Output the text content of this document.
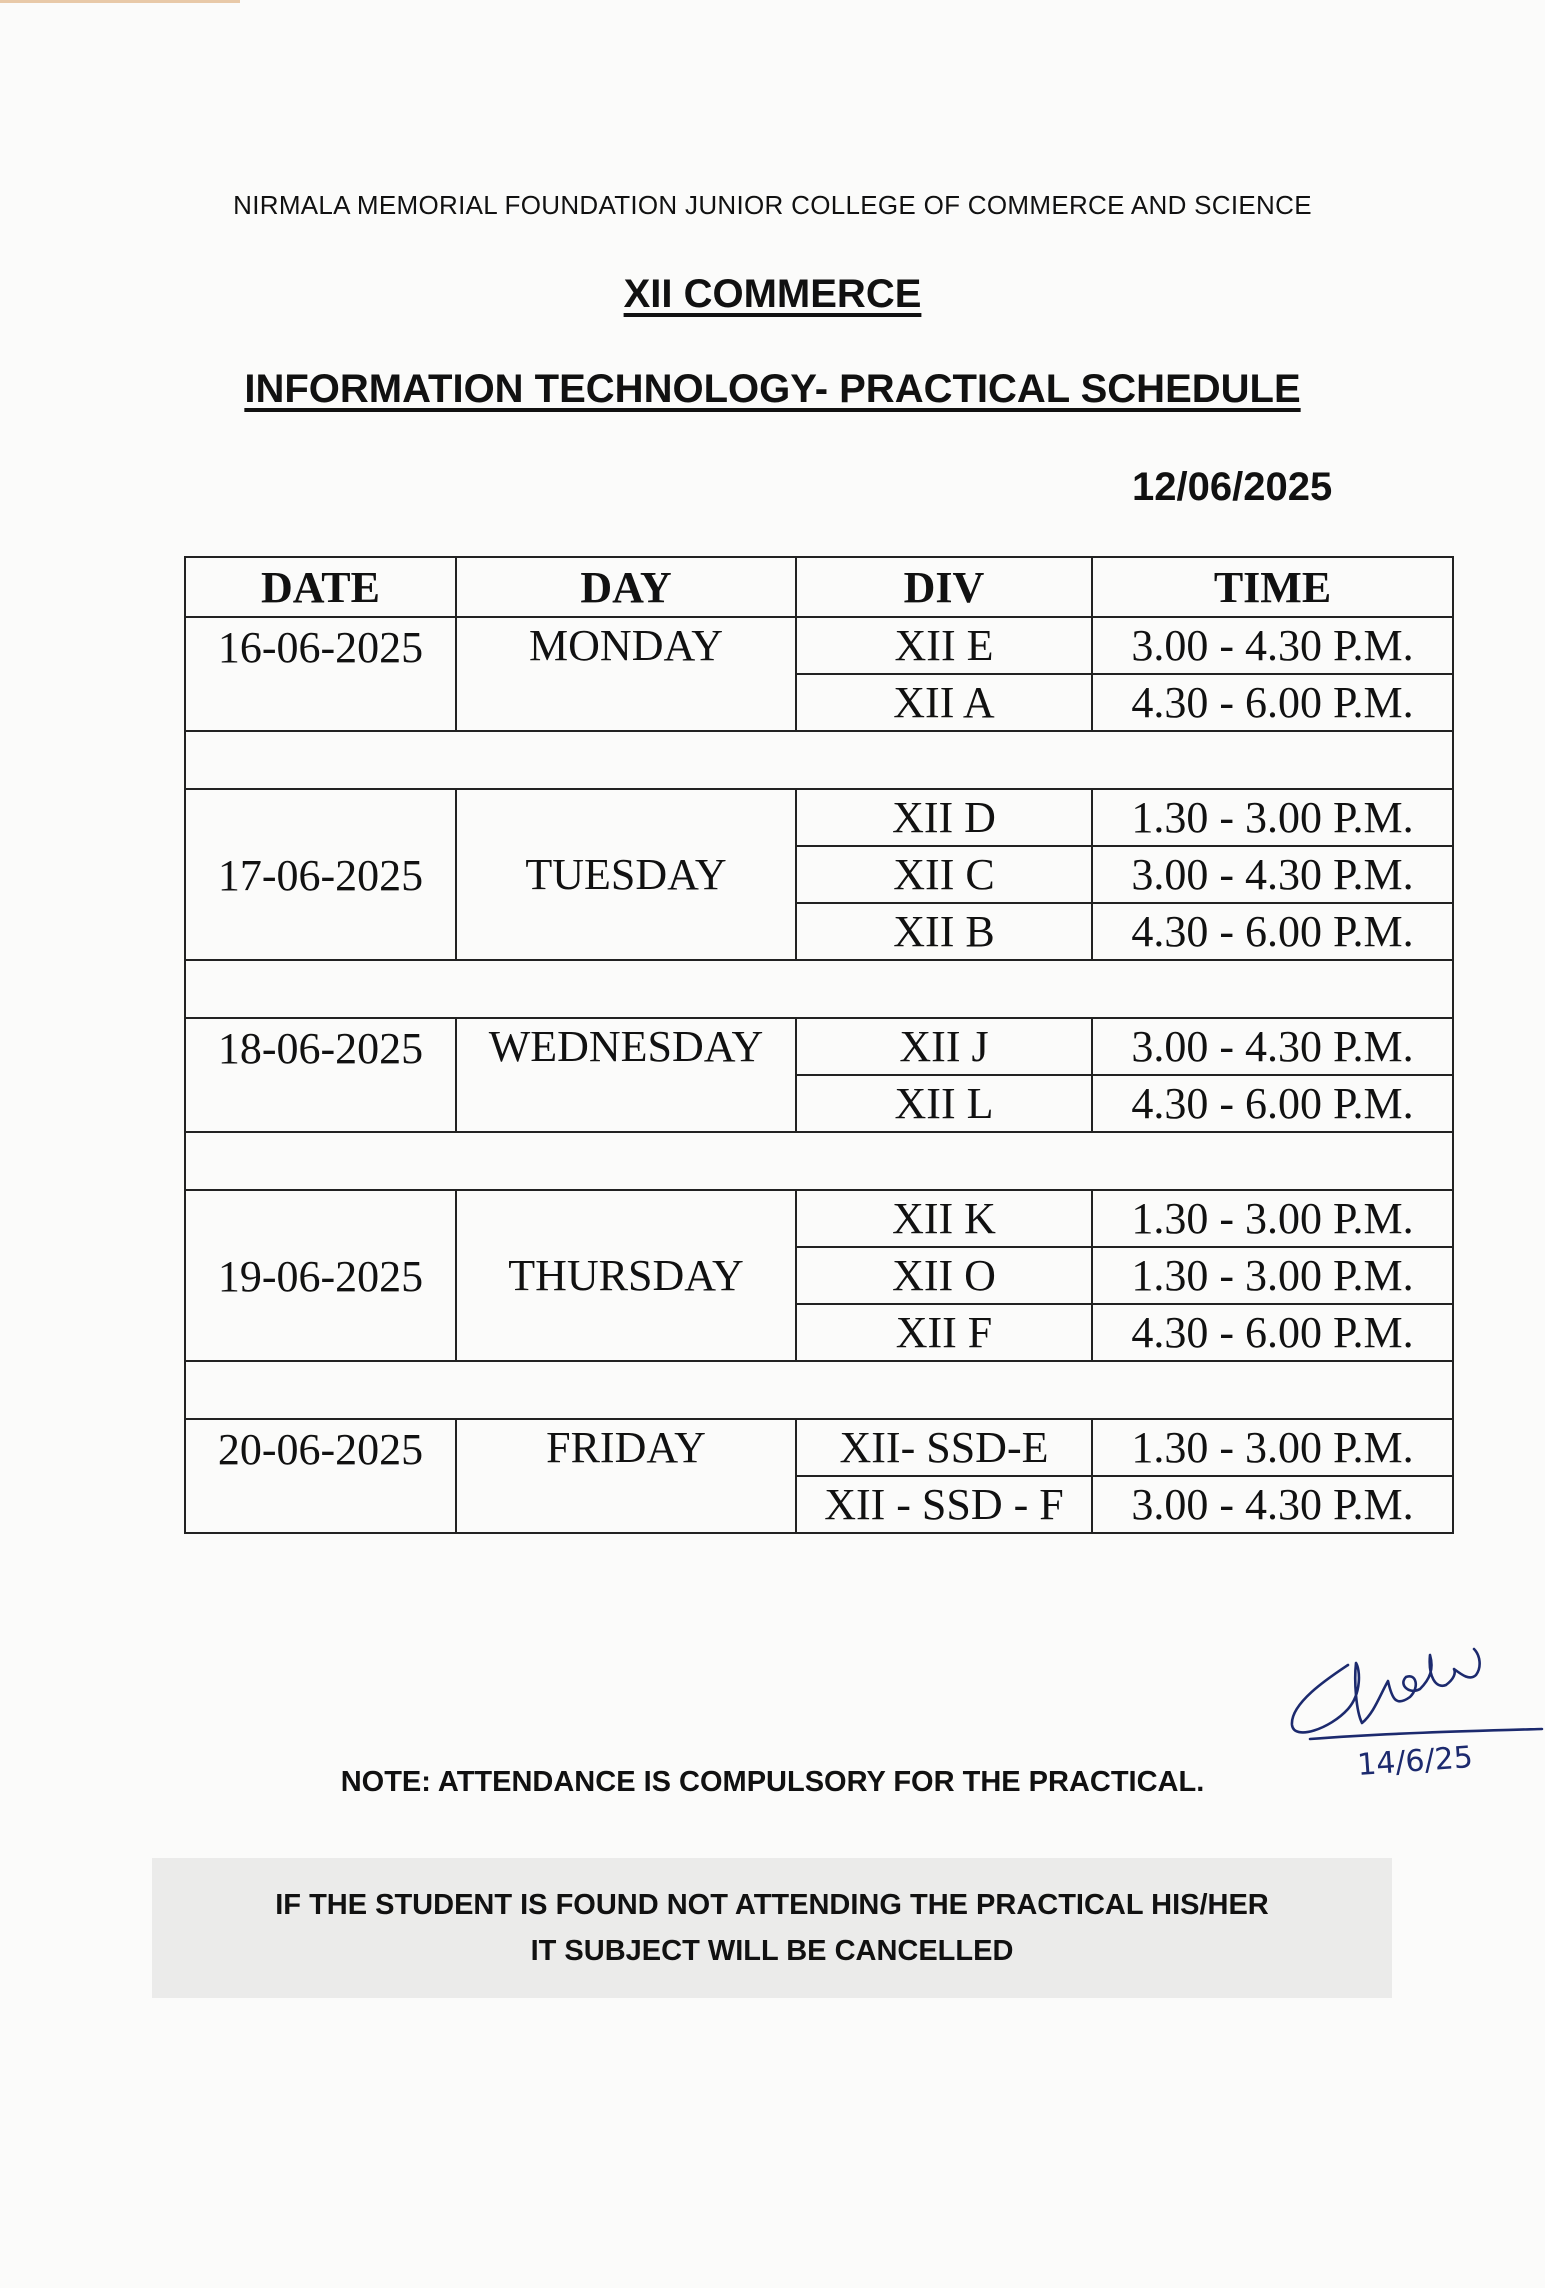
NIRMALA MEMORIAL FOUNDATION JUNIOR COLLEGE OF COMMERCE AND SCIENCE
XII COMMERCE
INFORMATION TECHNOLOGY- PRACTICAL SCHEDULE
12/06/2025
DATE	DAY	DIV	TIME
16-06-2025	MONDAY	XII E	3.00 - 4.30 P.M.
		XII A	4.30 - 6.00 P.M.

17-06-2025	TUESDAY	XII D	1.30 - 3.00 P.M.
		XII C	3.00 - 4.30 P.M.
		XII B	4.30 - 6.00 P.M.

18-06-2025	WEDNESDAY	XII J	3.00 - 4.30 P.M.
		XII L	4.30 - 6.00 P.M.

19-06-2025	THURSDAY	XII K	1.30 - 3.00 P.M.
		XII O	1.30 - 3.00 P.M.
		XII F	4.30 - 6.00 P.M.

20-06-2025	FRIDAY	XII- SSD-E	1.30 - 3.00 P.M.
		XII - SSD - F	3.00 - 4.30 P.M.
14/6/25
NOTE: ATTENDANCE IS COMPULSORY FOR THE PRACTICAL.
IF THE STUDENT IS FOUND NOT ATTENDING THE PRACTICAL HIS/HER
IT SUBJECT WILL BE CANCELLED
